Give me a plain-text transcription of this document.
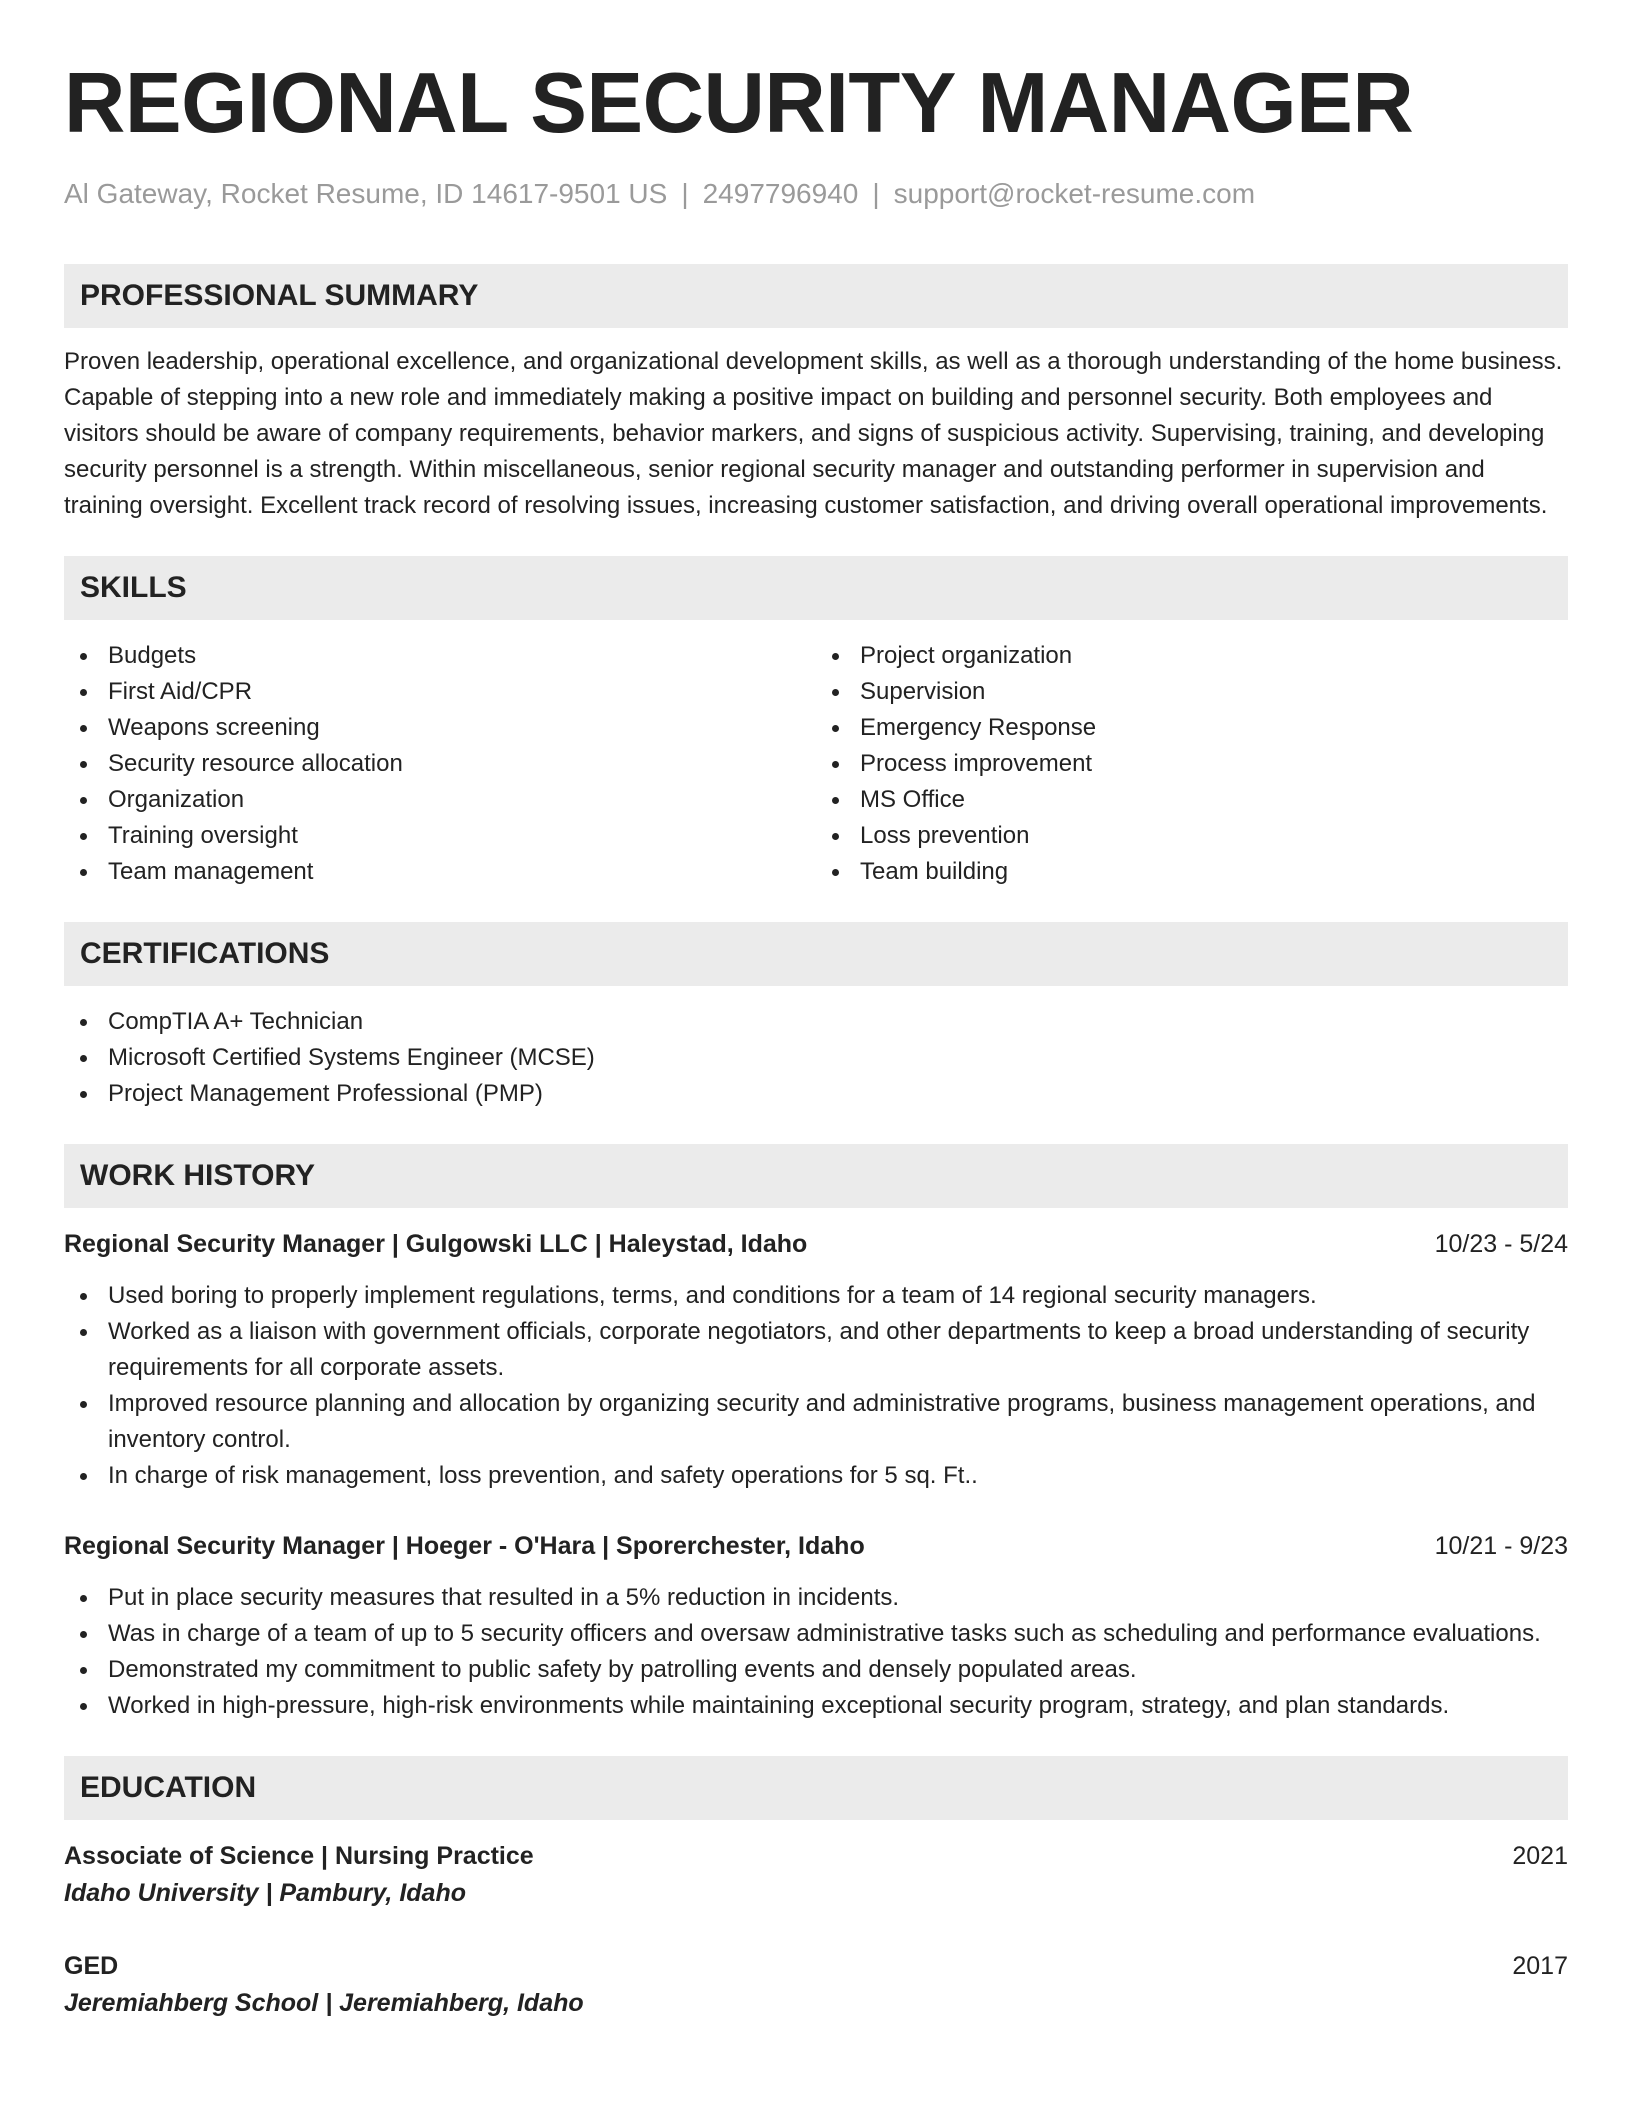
REGIONAL SECURITY MANAGER
Al Gateway, Rocket Resume, ID 14617-9501 US | 2497796940 | support@rocket-resume.com
PROFESSIONAL SUMMARY
Proven leadership, operational excellence, and organizational development skills, as well as a thorough understanding of the home business. Capable of stepping into a new role and immediately making a positive impact on building and personnel security. Both employees and visitors should be aware of company requirements, behavior markers, and signs of suspicious activity. Supervising, training, and developing security personnel is a strength. Within miscellaneous, senior regional security manager and outstanding performer in supervision and training oversight. Excellent track record of resolving issues, increasing customer satisfaction, and driving overall operational improvements.
SKILLS
Budgets
First Aid/CPR
Weapons screening
Security resource allocation
Organization
Training oversight
Team management
Project organization
Supervision
Emergency Response
Process improvement
MS Office
Loss prevention
Team building
CERTIFICATIONS
CompTIA A+ Technician
Microsoft Certified Systems Engineer (MCSE)
Project Management Professional (PMP)
WORK HISTORY
Regional Security Manager | Gulgowski LLC | Haleystad, Idaho	10/23 - 5/24
Used boring to properly implement regulations, terms, and conditions for a team of 14 regional security managers.
Worked as a liaison with government officials, corporate negotiators, and other departments to keep a broad understanding of security requirements for all corporate assets.
Improved resource planning and allocation by organizing security and administrative programs, business management operations, and inventory control.
In charge of risk management, loss prevention, and safety operations for 5 sq. Ft..
Regional Security Manager | Hoeger - O'Hara | Sporerchester, Idaho	10/21 - 9/23
Put in place security measures that resulted in a 5% reduction in incidents.
Was in charge of a team of up to 5 security officers and oversaw administrative tasks such as scheduling and performance evaluations.
Demonstrated my commitment to public safety by patrolling events and densely populated areas.
Worked in high-pressure, high-risk environments while maintaining exceptional security program, strategy, and plan standards.
EDUCATION
Associate of Science | Nursing Practice	2021
Idaho University | Pambury, Idaho
GED	2017
Jeremiahberg School | Jeremiahberg, Idaho
